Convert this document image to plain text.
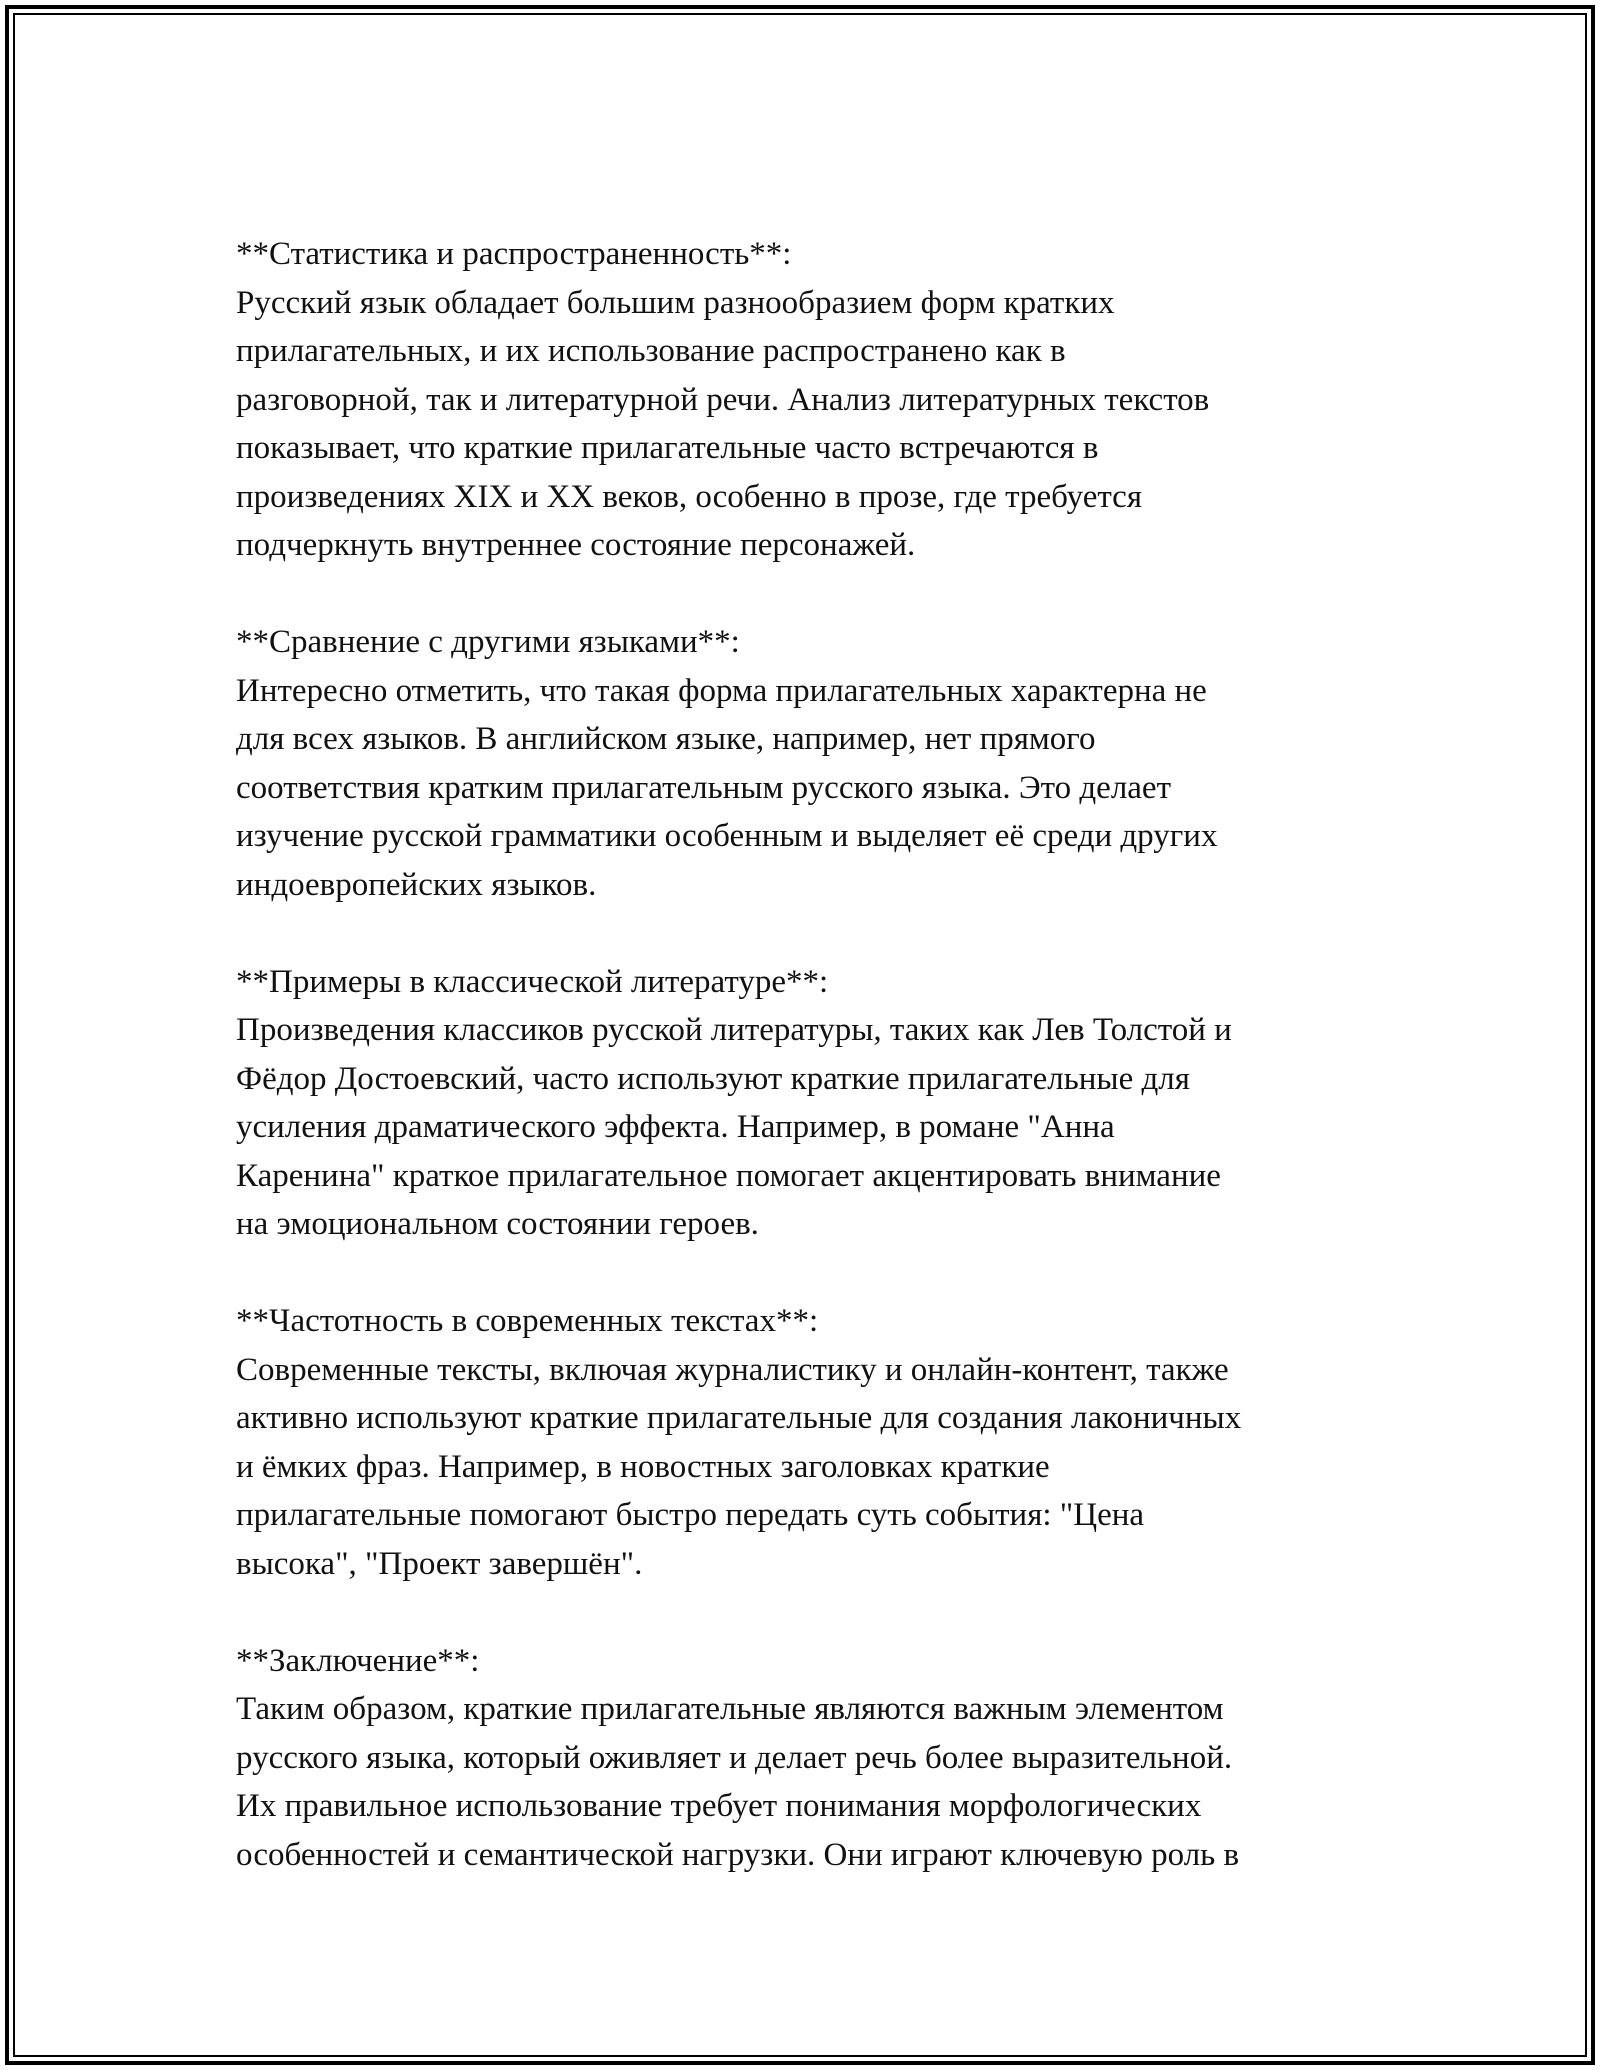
**Статистика и распространенность**:
Русский язык обладает большим разнообразием форм кратких
прилагательных, и их использование распространено как в
разговорной, так и литературной речи. Анализ литературных текстов
показывает, что краткие прилагательные часто встречаются в
произведениях XIX и XX веков, особенно в прозе, где требуется
подчеркнуть внутреннее состояние персонажей.
**Сравнение с другими языками**:
Интересно отметить, что такая форма прилагательных характерна не
для всех языков. В английском языке, например, нет прямого
соответствия кратким прилагательным русского языка. Это делает
изучение русской грамматики особенным и выделяет её среди других
индоевропейских языков.
**Примеры в классической литературе**:
Произведения классиков русской литературы, таких как Лев Толстой и
Фёдор Достоевский, часто используют краткие прилагательные для
усиления драматического эффекта. Например, в романе "Анна
Каренина" краткое прилагательное помогает акцентировать внимание
на эмоциональном состоянии героев.
**Частотность в современных текстах**:
Современные тексты, включая журналистику и онлайн-контент, также
активно используют краткие прилагательные для создания лаконичных
и ёмких фраз. Например, в новостных заголовках краткие
прилагательные помогают быстро передать суть события: "Цена
высока", "Проект завершён".
**Заключение**:
Таким образом, краткие прилагательные являются важным элементом
русского языка, который оживляет и делает речь более выразительной.
Их правильное использование требует понимания морфологических
особенностей и семантической нагрузки. Они играют ключевую роль в
